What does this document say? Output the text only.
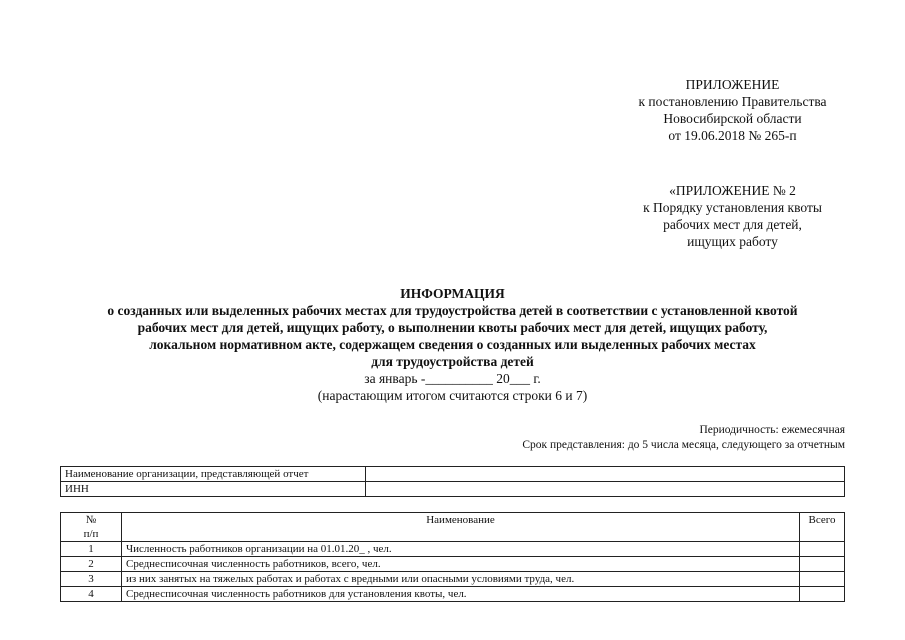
ПРИЛОЖЕНИЕ
к постановлению Правительства
Новосибирской области
от 19.06.2018 № 265-п
«ПРИЛОЖЕНИЕ № 2
к Порядку установления квоты
рабочих мест для детей,
ищущих работу
ИНФОРМАЦИЯ
о созданных или выделенных рабочих местах для трудоустройства детей в соответствии с установленной квотой
рабочих мест для детей, ищущих работу, о выполнении квоты рабочих мест для детей, ищущих работу,
локальном нормативном акте, содержащем сведения о созданных или выделенных рабочих местах
для трудоустройства детей
за январь -__________ 20___ г.
(нарастающим итогом считаются строки 6 и 7)
Периодичность: ежемесячная
Срок представления: до 5 числа месяца, следующего за отчетным
Наименование организации, представляющей отчет	
ИНН	
№
п/п	Наименование	Всего
1	Численность работников организации на 01.01.20_ , чел.	
2	Среднесписочная численность работников, всего, чел.	
3	из них занятых на тяжелых работах и работах с вредными или опасными условиями труда, чел.	
4	Среднесписочная численность работников для установления квоты, чел.	
